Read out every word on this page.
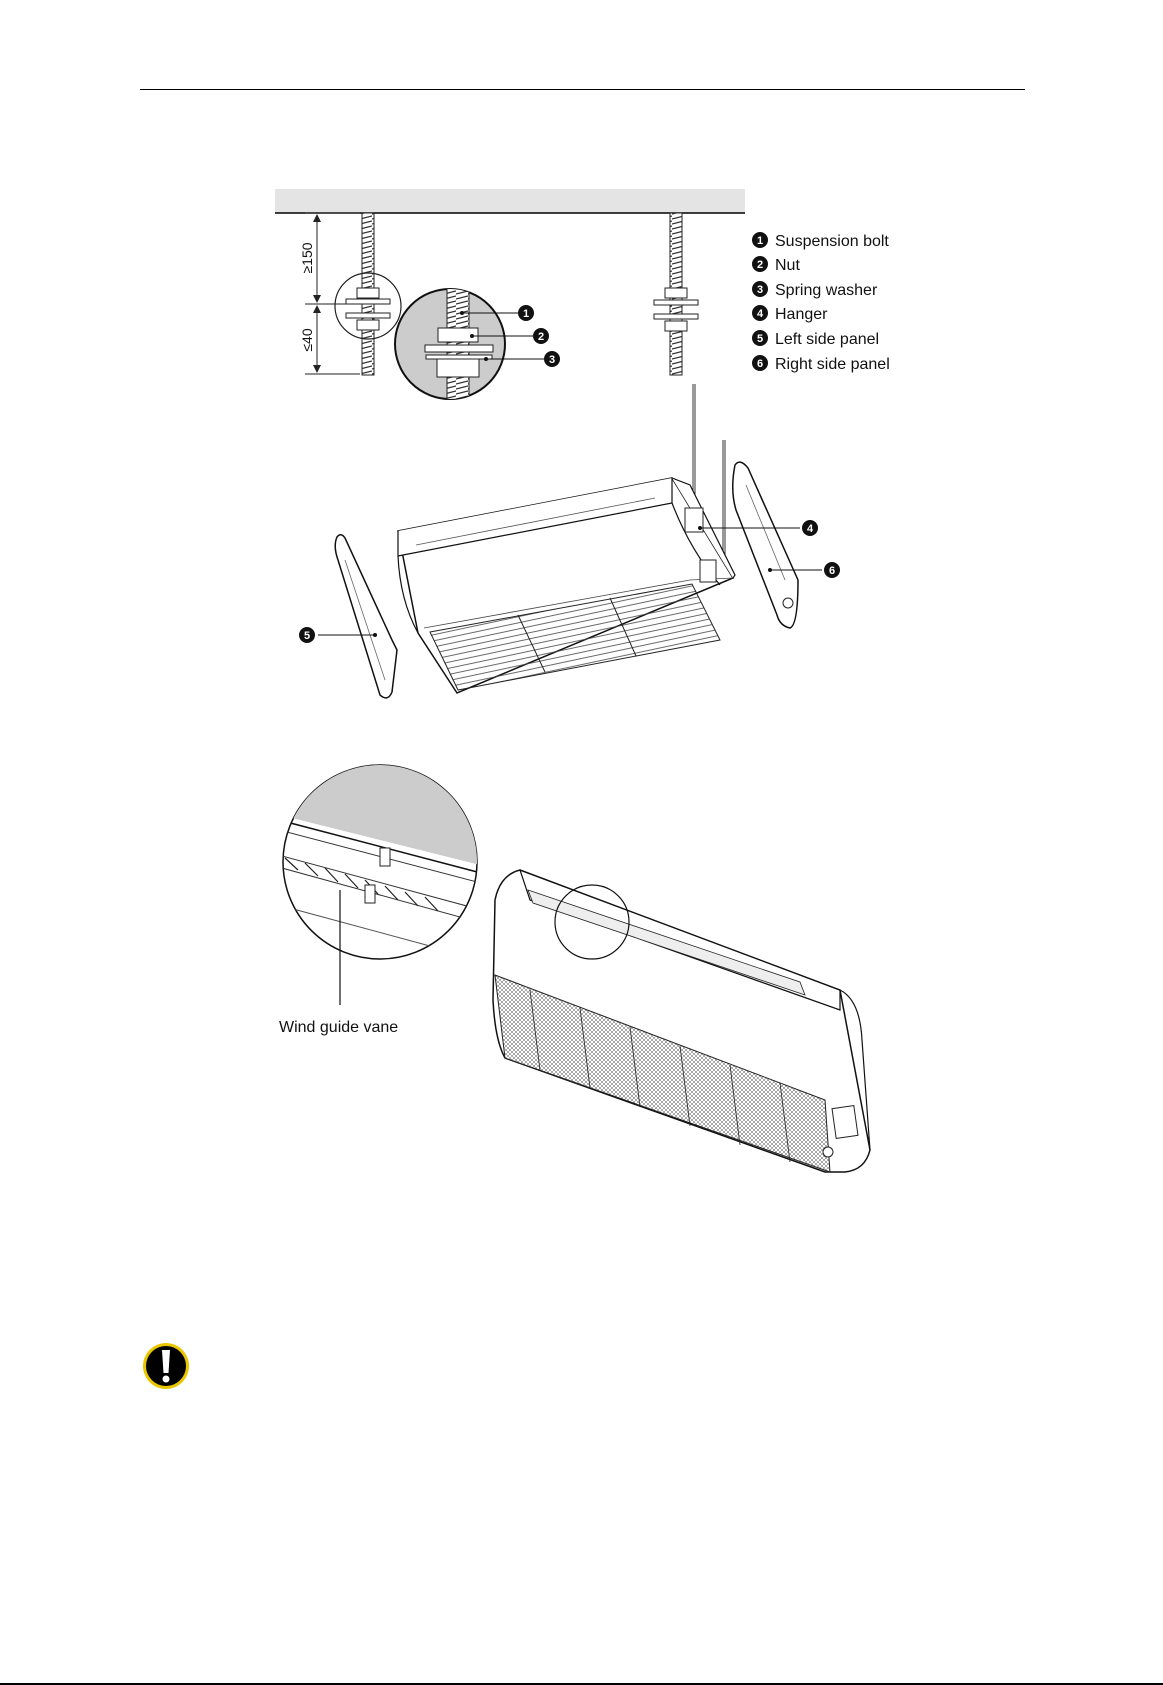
≥150
≤40
1
2
3
1 Suspension bolt
2 Nut
3 Spring washer
4 Hanger
5 Left side panel
6 Right side panel
4
5
6
Wind guide vane
